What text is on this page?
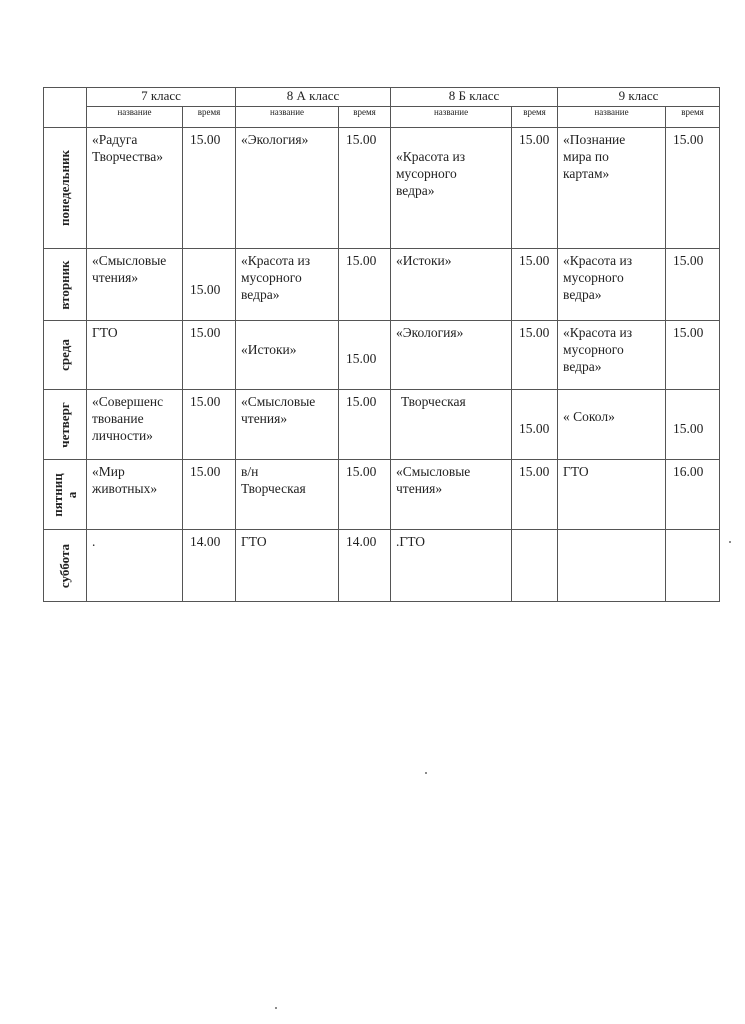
	7 класс		8 А класс		8 Б класс		9 класс	
	название	время	название	время	название	время	название	время

понедельник	«Радуга
Творчества»	15.00	«Экология»	15.00	«Красота из
мусорного
ведра»	15.00	«Познание
мира по
картам»	15.00

вторник	«Смысловые
чтения»	15.00	«Красота из
мусорного
ведра»	15.00	«Истоки»	15.00	«Красота из
мусорного
ведра»	15.00

среда	ГТО	15.00	«Истоки»	15.00	«Экология»	15.00	«Красота из
мусорного
ведра»	15.00

четверг	«Совершенс
твование
личности»	15.00	«Смысловые
чтения»	15.00	Творческая	15.00	« Сокол»	15.00

пятниц
а	«Мир
животных»	15.00	в/н
Творческая	15.00	«Смысловые
чтения»	15.00	ГТО	16.00

суббота	.	14.00	ГТО	14.00	.ГТО			
